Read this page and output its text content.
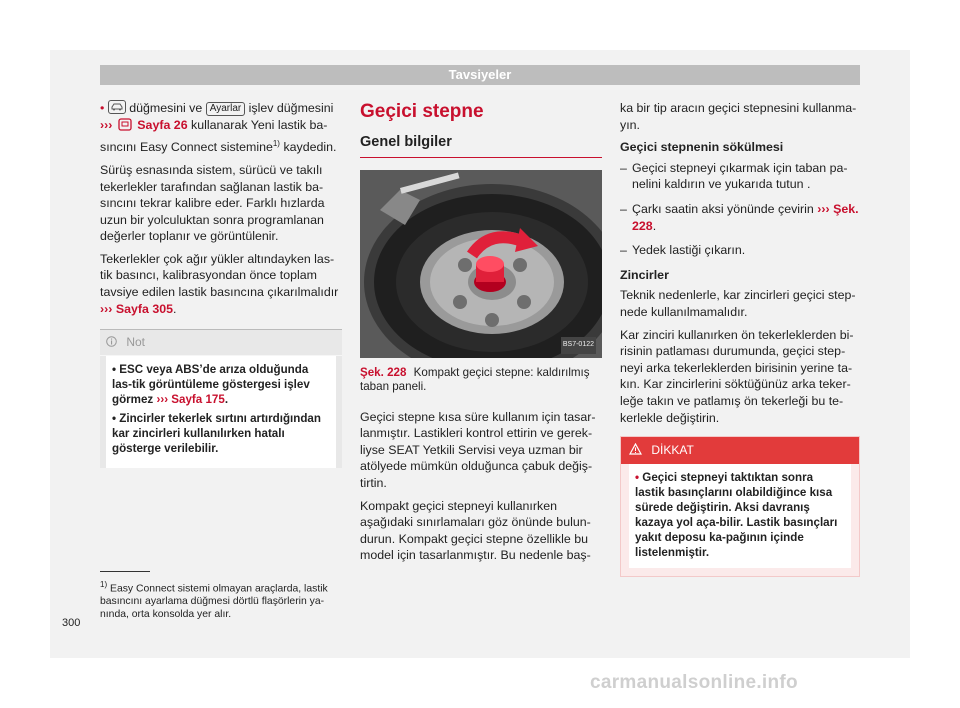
Tavsiyeler

• düğmesini ve Ayarlar işlev düğmesini ››› Sayfa 26 kullanarak Yeni lastik ba-sıncını Easy Connect sistemine$^{1)}$ kaydedin.

Sürüş esnasında sistem, sürücü ve takılı tekerlekler tarafından sağlanan lastik ba-sıncını tekrar kalibre eder. Farklı hızlarda uzun bir yolculuktan sonra programlanan değerler toplanır ve görüntülenir.

Tekerlekler çok ağır yükler altındayken las-tik basıncı, kalibrasyondan önce toplam tavsiye edilen lastik basıncına çıkarılmalıdır ››› Sayfa 305.

Not

• ESC veya ABS’de arıza olduğunda las-tik görüntüleme göstergesi işlev görmez ››› Sayfa 175.

• Zincirler tekerlek sırtını artırdığından kar zincirleri kullanılırken hatalı gösterge verilebilir.

Geçici stepne
Genel bilgiler
BS7-0122
Şek. 228 Kompakt geçici stepne: kaldırılmış taban paneli.

Geçici stepne kısa süre kullanım için tasar-lanmıştır. Lastikleri kontrol ettirin ve gerek-liyse SEAT Yetkili Servisi veya uzman bir atölyede mümkün olduğunca çabuk değiş-tirtin.

Kompakt geçici stepneyi kullanırken aşağıdaki sınırlamaları göz önünde bulun-durun. Kompakt geçici stepne özellikle bu model için tasarlanmıştır. Bu nedenle baş-

ka bir tip aracın geçici stepnesini kullanma-yın.

Geçici stepnenin sökülmesi
– Geçici stepneyi çıkarmak için taban pa-nelini kaldırın ve yukarıda tutun .
– Çarkı saatin aksi yönünde çevirin ››› Şek. 228.
– Yedek lastiği çıkarın.
Zincirler

Teknik nedenlerle, kar zincirleri geçici step-nede kullanılmamalıdır.

Kar zinciri kullanırken ön tekerleklerden bi-risinin patlaması durumunda, geçici step-neyi arka tekerleklerden birisinin yerine ta-kın. Kar zincirlerini söktüğünüz arka teker-leğe takın ve patlamış ön tekerleği bu te-kerlekle değiştirin.

DİKKAT
• Geçici stepneyi taktıktan sonra lastik basınçlarını olabildiğince kısa sürede değiştirin. Aksi davranış kazaya yol aça-bilir. Lastik basınçları yakıt deposu ka-pağının içinde listelenmiştir.
$^{1)}$ Easy Connect sistemi olmayan araçlarda, lastik basıncını ayarlama düğmesi dörtlü flaşörlerin ya-nında, orta konsolda yer alır.
300
carmanualsonline.info
